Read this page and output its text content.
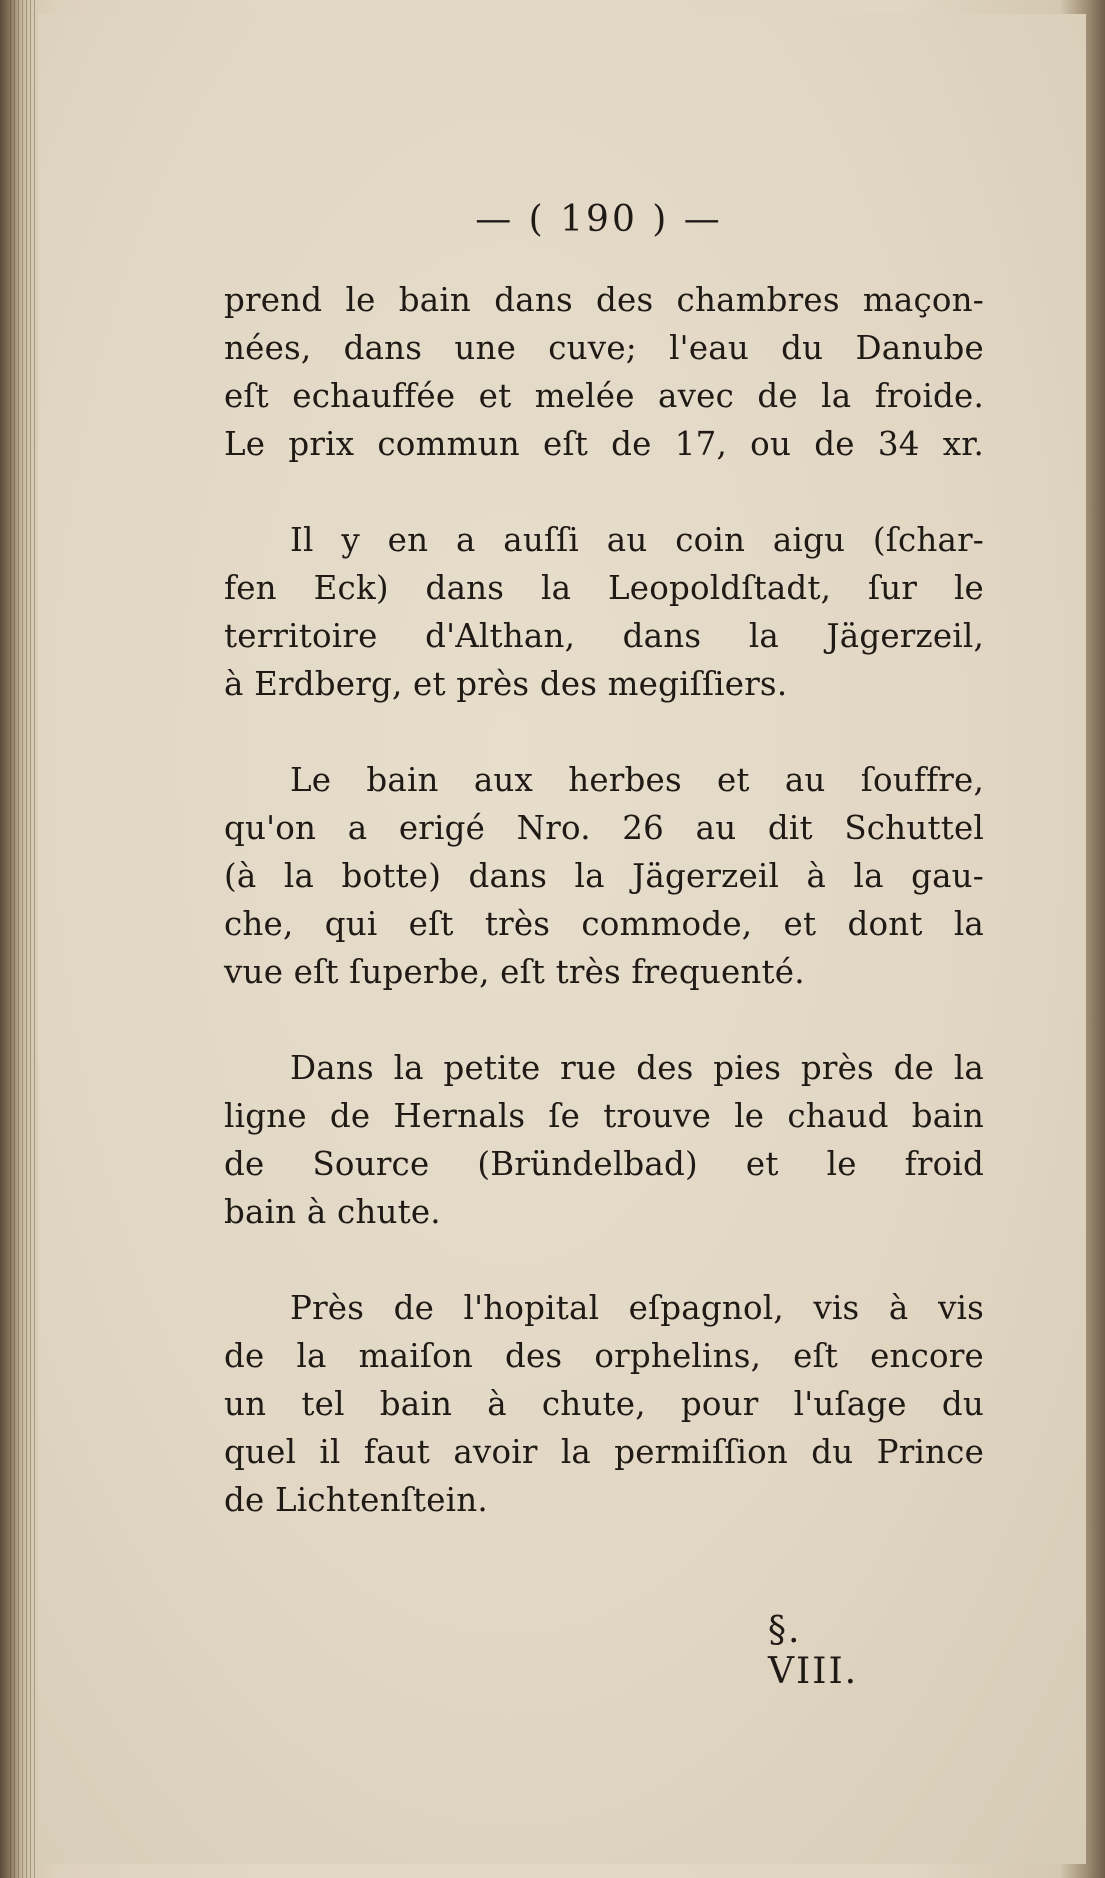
— ( 190 ) —
prend le bain dans des chambres maçon-
nées, dans une cuve; l'eau du Danube
eſt echauffée et melée avec de la froide.
Le prix commun eſt de 17, ou de 34 xr.
Il y en a auſſi au coin aigu (ſchar-
fen Eck) dans la Leopoldſtadt, ſur le
territoire d'Althan, dans la Jägerzeil,
à Erdberg, et près des megiſſiers.
Le bain aux herbes et au ſouffre,
qu'on a erigé Nro. 26 au dit Schuttel
(à la botte) dans la Jägerzeil à la gau-
che, qui eſt très commode, et dont la
vue eſt ſuperbe, eſt très frequenté.
Dans la petite rue des pies près de la
ligne de Hernals ſe trouve le chaud bain
de Source (Bründelbad) et le froid
bain à chute.
Près de l'hopital eſpagnol, vis à vis
de la maiſon des orphelins, eſt encore
un tel bain à chute, pour l'uſage du
quel il faut avoir la permiſſion du Prince
de Lichtenſtein.
§. VIII.
